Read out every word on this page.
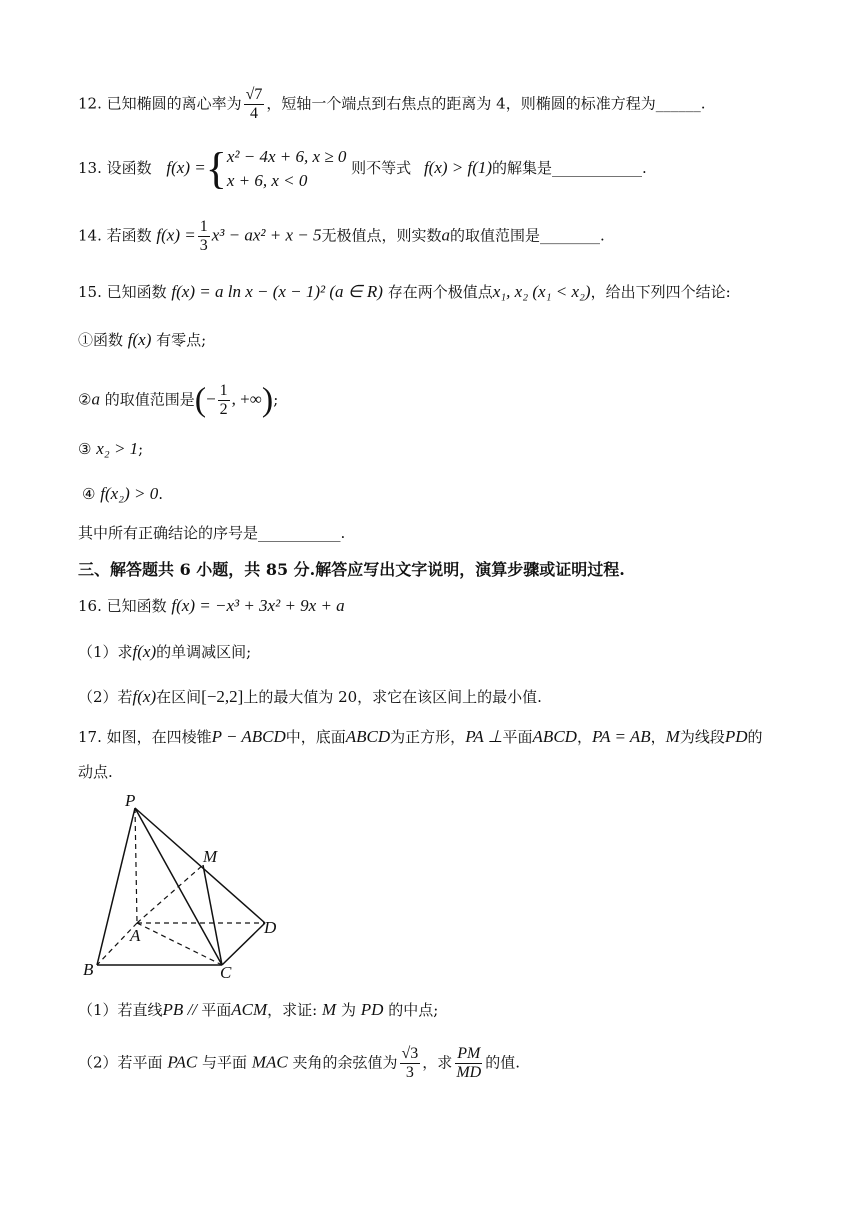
12. 已知椭圆的离心率为 $\frac{√7}{4}$ ，短轴一个端点到右焦点的距离为 4，则椭圆的标准方程为______.
13. 设函数 f(x) ={ x² − 4x + 6, x ≥ 0
x + 6, x < 0
则不等式 f(x) > f(1)的解集是____________.
14. 若函数 $f(x) = \frac{1}{3} x^3 - ax^2 + x - 5$无极值点，则实数a的取值范围是________.
15. 已知函数 f(x) = a ln x − (x − 1)² (a ∈ R) 存在两个极值点x₁, x₂ (x₁ < x₂)，给出下列四个结论:
①函数 f(x) 有零点;
②a 的取值范围是(− $\frac{1}{2}$ , +∞);
③ x₂ > 1;
④ f(x₂) > 0.
其中所有正确结论的序号是___________.
三、解答题共 6 小题，共 85 分.解答应写出文字说明，演算步骤或证明过程.
16. 已知函数 f(x) = −x³ + 3x² + 9x + a
（1）求f(x)的单调减区间;
（2）若f(x)在区间[−2,2]上的最大值为 20，求它在该区间上的最小值.
17. 如图，在四棱锥P − ABCD中，底面ABCD为正方形，PA ⊥平面ABCD，PA = AB，M为线段PD的
动点.
P
M
A	D
B	C
（1）若直线PB // 平面ACM，求证: M 为 PD 的中点;
（2）若平面 PAC 与平面 MAC 夹角的余弦值为 $\frac{√3}{3}$ ，求 $\frac{PM}{MD}$ 的值.
